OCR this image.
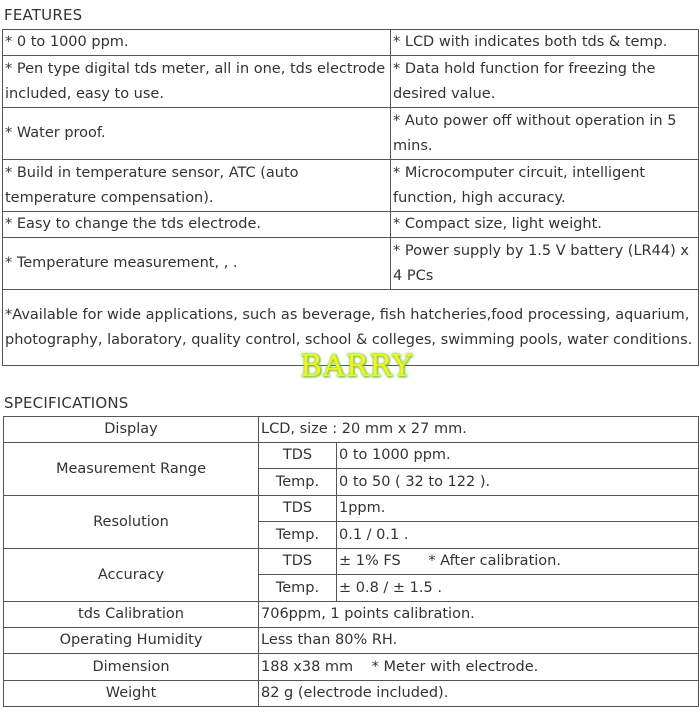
FEATURES
* 0 to 1000 ppm.	* LCD with indicates both tds & temp.
* Pen type digital tds meter, all in one, tds electrode included, easy to use.	* Data hold function for freezing the desired value.
* Water proof.	* Auto power off without operation in 5 mins.
* Build in temperature sensor, ATC (auto temperature compensation).	* Microcomputer circuit, intelligent function, high accuracy.
* Easy to change the tds electrode.	* Compact size, light weight.
* Temperature measurement, , .	* Power supply by 1.5 V battery (LR44) x 4 PCs
*Available for wide applications, such as beverage, fish hatcheries,food processing, aquarium, photography, laboratory, quality control, school & colleges, swimming pools, water conditions.	
BARRY
SPECIFICATIONS
Display	LCD, size : 20 mm x 27 mm.	
Measurement Range	TDS	0 to 1000 ppm.
	Temp.	0 to 50 ( 32 to 122 ).
Resolution	TDS	1ppm.
	Temp.	0.1 / 0.1 .
Accuracy	TDS	± 1% FS      * After calibration.
	Temp.	± 0.8 / ± 1.5 .
tds Calibration	706ppm, 1 points calibration.	
Operating Humidity	Less than 80% RH.	
Dimension	188 x38 mm    * Meter with electrode.	
Weight	82 g (electrode included).	
